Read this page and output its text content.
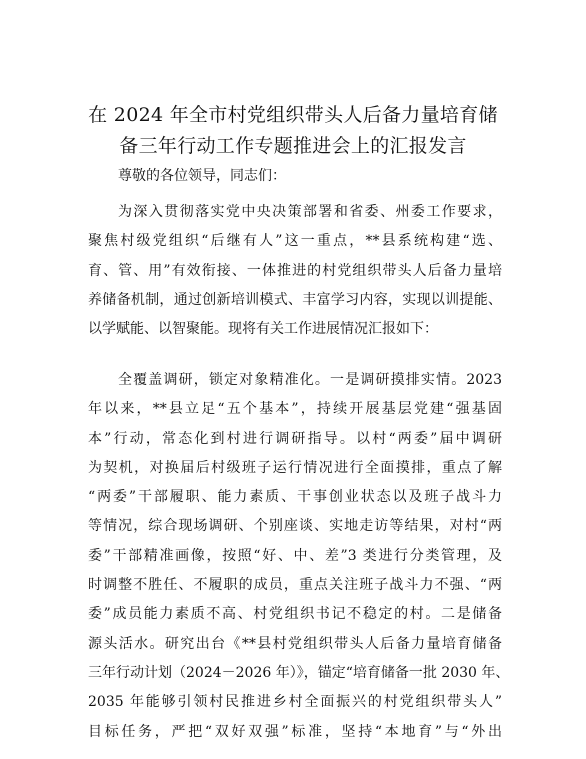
在 2024 年全市村党组织带头人后备力量培育储
备三年行动工作专题推进会上的汇报发言
尊敬的各位领导，同志们：
为深入贯彻落实党中央决策部署和省委、州委工作要求，
聚焦村级党组织“后继有人”这一重点，**县系统构建“选、
育、管、用”有效衔接、一体推进的村党组织带头人后备力量培
养储备机制，通过创新培训模式、丰富学习内容，实现以训提能、
以学赋能、以智聚能。现将有关工作进展情况汇报如下：
全覆盖调研，锁定对象精准化。一是调研摸排实情。2023
年以来，**县立足“五个基本”，持续开展基层党建“强基固
本”行动，常态化到村进行调研指导。以村“两委”届中调研
为契机，对换届后村级班子运行情况进行全面摸排，重点了解
“两委”干部履职、能力素质、干事创业状态以及班子战斗力
等情况，综合现场调研、个别座谈、实地走访等结果，对村“两
委”干部精准画像，按照“好、中、差”3 类进行分类管理，及
时调整不胜任、不履职的成员，重点关注班子战斗力不强、“两
委”成员能力素质不高、村党组织书记不稳定的村。二是储备
源头活水。研究出台《**县村党组织带头人后备力量培育储备
三年行动计划（2024－2026 年）》，锚定“培育储备一批 2030 年、
2035 年能够引领村民推进乡村全面振兴的村党组织带头人”
目标任务，严把“双好双强”标准，坚持“本地育”与“外出
